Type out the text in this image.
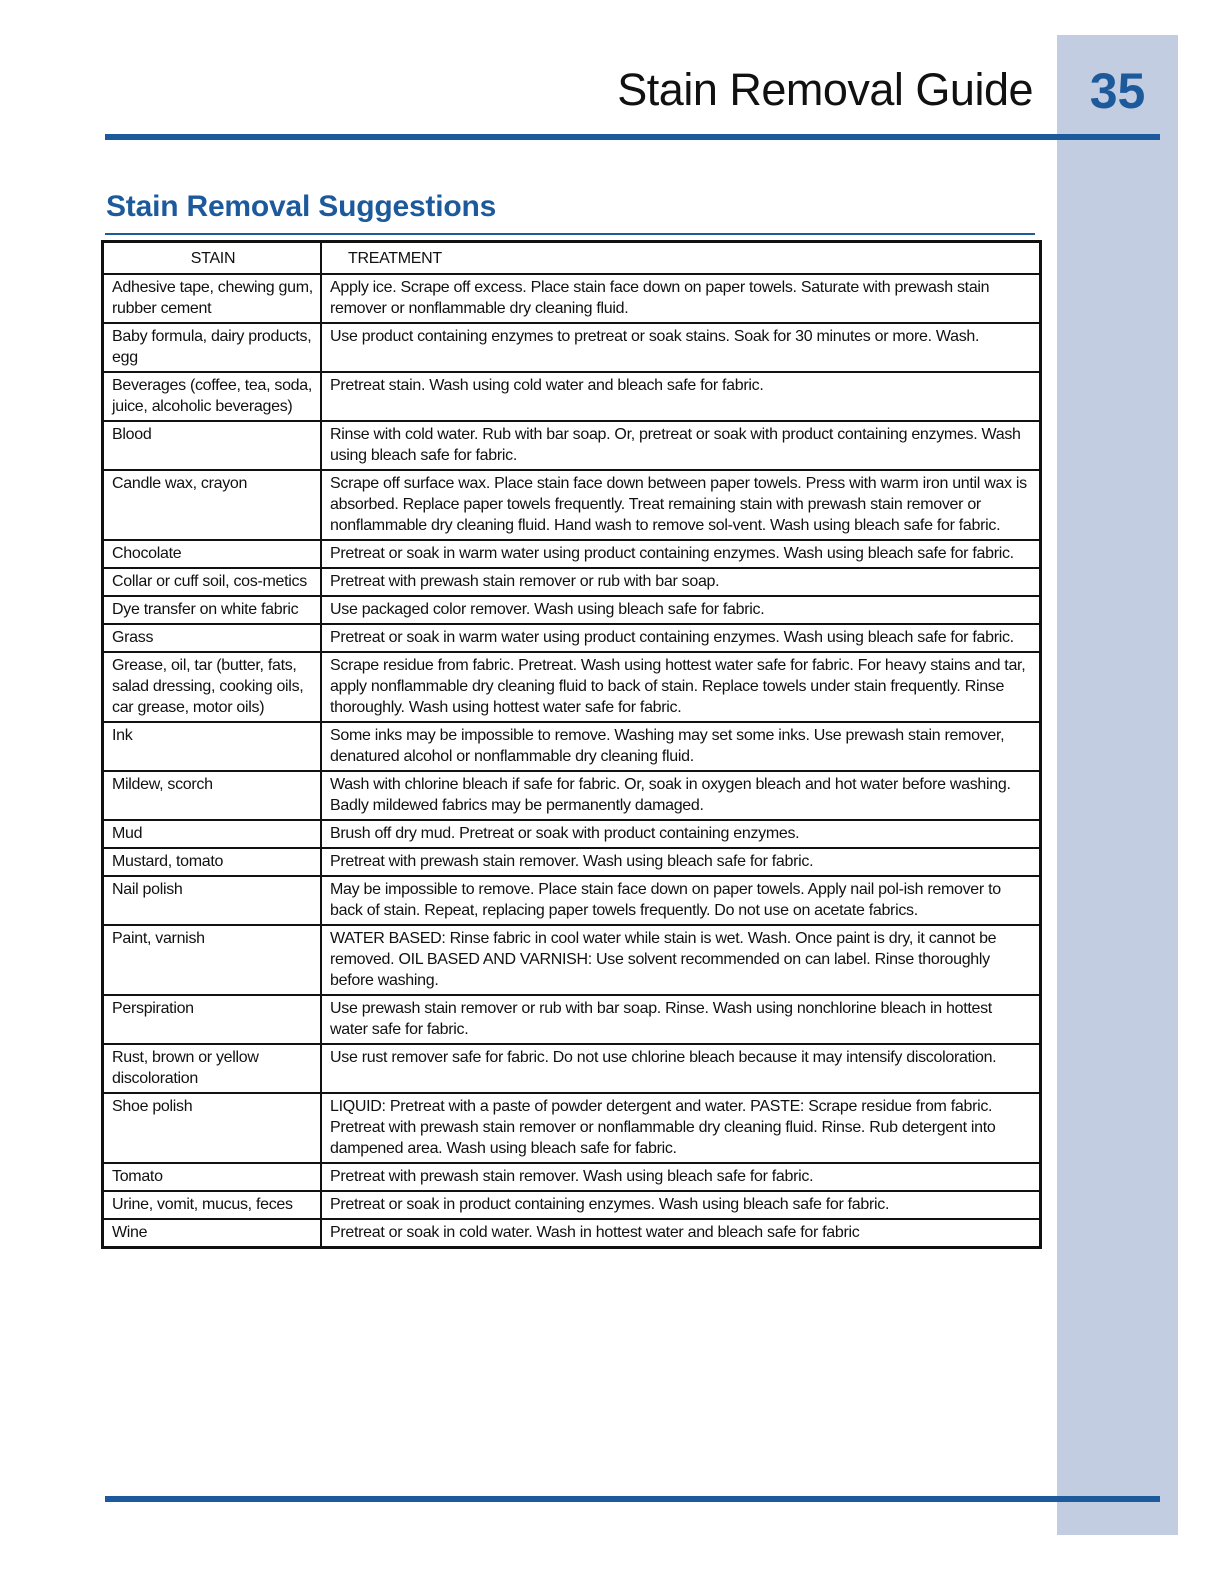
35
Stain Removal Guide
Stain Removal Suggestions
STAIN	TREATMENT
Adhesive tape, chewing gum, rubber cement	Apply ice. Scrape off excess. Place stain face down on paper towels. Saturate with prewash stain remover or nonflammable dry cleaning fluid.
Baby formula, dairy products, egg	Use product containing enzymes to pretreat or soak stains. Soak for 30 minutes or more. Wash.
Beverages (coffee, tea, soda, juice, alcoholic beverages)	Pretreat stain. Wash using cold water and bleach safe for fabric.
Blood	Rinse with cold water. Rub with bar soap. Or, pretreat or soak with product containing enzymes. Wash using bleach safe for fabric.
Candle wax, crayon	Scrape off surface wax. Place stain face down between paper towels. Press with warm iron until wax is absorbed. Replace paper towels frequently. Treat remaining stain with prewash stain remover or nonflammable dry cleaning fluid. Hand wash to remove sol-vent. Wash using bleach safe for fabric.
Chocolate	Pretreat or soak in warm water using product containing enzymes. Wash using bleach safe for fabric.
Collar or cuff soil, cos-metics	Pretreat with prewash stain remover or rub with bar soap.
Dye transfer on white fabric	Use packaged color remover. Wash using bleach safe for fabric.
Grass	Pretreat or soak in warm water using product containing enzymes. Wash using bleach safe for fabric.
Grease, oil, tar (butter, fats, salad dressing, cooking oils, car grease, motor oils)	Scrape residue from fabric. Pretreat. Wash using hottest water safe for fabric. For heavy stains and tar, apply nonflammable dry cleaning fluid to back of stain. Replace towels under stain frequently. Rinse thoroughly. Wash using hottest water safe for fabric.
Ink	Some inks may be impossible to remove. Washing may set some inks. Use prewash stain remover, denatured alcohol or nonflammable dry cleaning fluid.
Mildew, scorch	Wash with chlorine bleach if safe for fabric. Or, soak in oxygen bleach and hot water before washing. Badly mildewed fabrics may be permanently damaged.
Mud	Brush off dry mud. Pretreat or soak with product containing enzymes.
Mustard, tomato	Pretreat with prewash stain remover. Wash using bleach safe for fabric.
Nail polish	May be impossible to remove. Place stain face down on paper towels. Apply nail pol-ish remover to back of stain. Repeat, replacing paper towels frequently. Do not use on acetate fabrics.
Paint, varnish	WATER BASED: Rinse fabric in cool water while stain is wet. Wash. Once paint is dry, it cannot be removed. OIL BASED AND VARNISH: Use solvent recommended on can label. Rinse thoroughly before washing.
Perspiration	Use prewash stain remover or rub with bar soap. Rinse. Wash using nonchlorine bleach in hottest water safe for fabric.
Rust, brown or yellow discoloration	Use rust remover safe for fabric. Do not use chlorine bleach because it may intensify discoloration.
Shoe polish	LIQUID: Pretreat with a paste of powder detergent and water. PASTE: Scrape residue from fabric. Pretreat with prewash stain remover or nonflammable dry cleaning fluid. Rinse. Rub detergent into dampened area. Wash using bleach safe for fabric.
Tomato	Pretreat with prewash stain remover. Wash using bleach safe for fabric.
Urine, vomit, mucus, feces	Pretreat or soak in product containing enzymes. Wash using bleach safe for fabric.
Wine	Pretreat or soak in cold water. Wash in hottest water and bleach safe for fabric
